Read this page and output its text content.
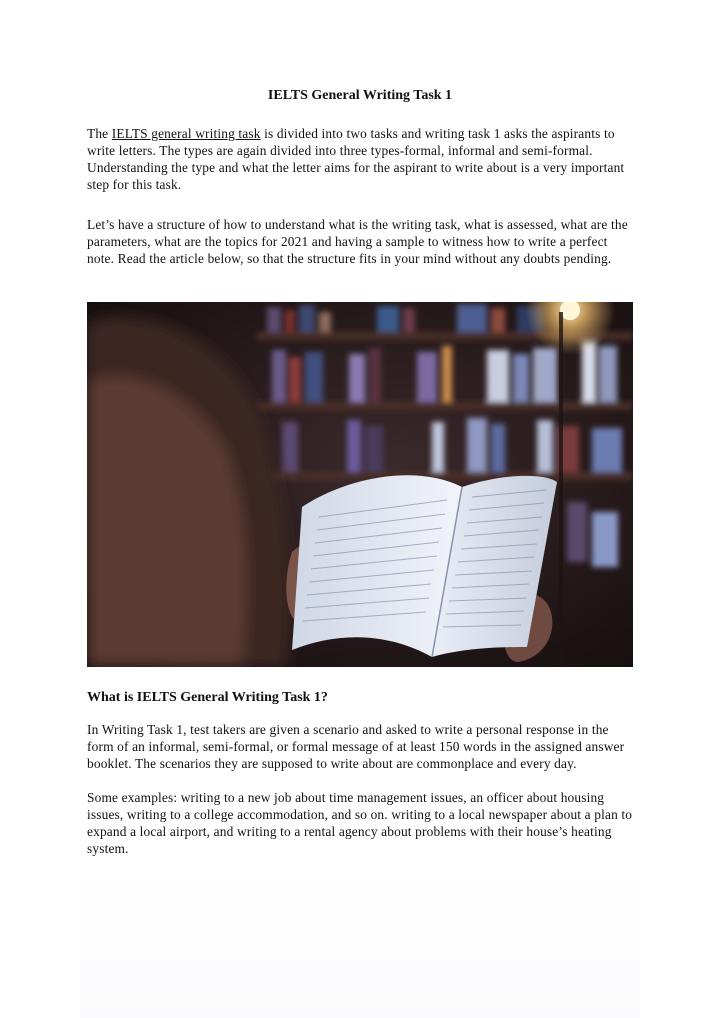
IELTS General Writing Task 1

The IELTS general writing task is divided into two tasks and writing task 1 asks the aspirants to write letters. The types are again divided into three types-formal, informal and semi-formal. Understanding the type and what the letter aims for the aspirant to write about is a very important step for this task.

Let’s have a structure of how to understand what is the writing task, what is assessed, what are the parameters, what are the topics for 2021 and having a sample to witness how to write a perfect note. Read the article below, so that the structure fits in your mind without any doubts pending.

What is IELTS General Writing Task 1?

In Writing Task 1, test takers are given a scenario and asked to write a personal response in the form of an informal, semi-formal, or formal message of at least 150 words in the assigned answer booklet. The scenarios they are supposed to write about are commonplace and every day.

Some examples: writing to a new job about time management issues, an officer about housing issues, writing to a college accommodation, and so on. writing to a local newspaper about a plan to expand a local airport, and writing to a rental agency about problems with their house’s heating system.
